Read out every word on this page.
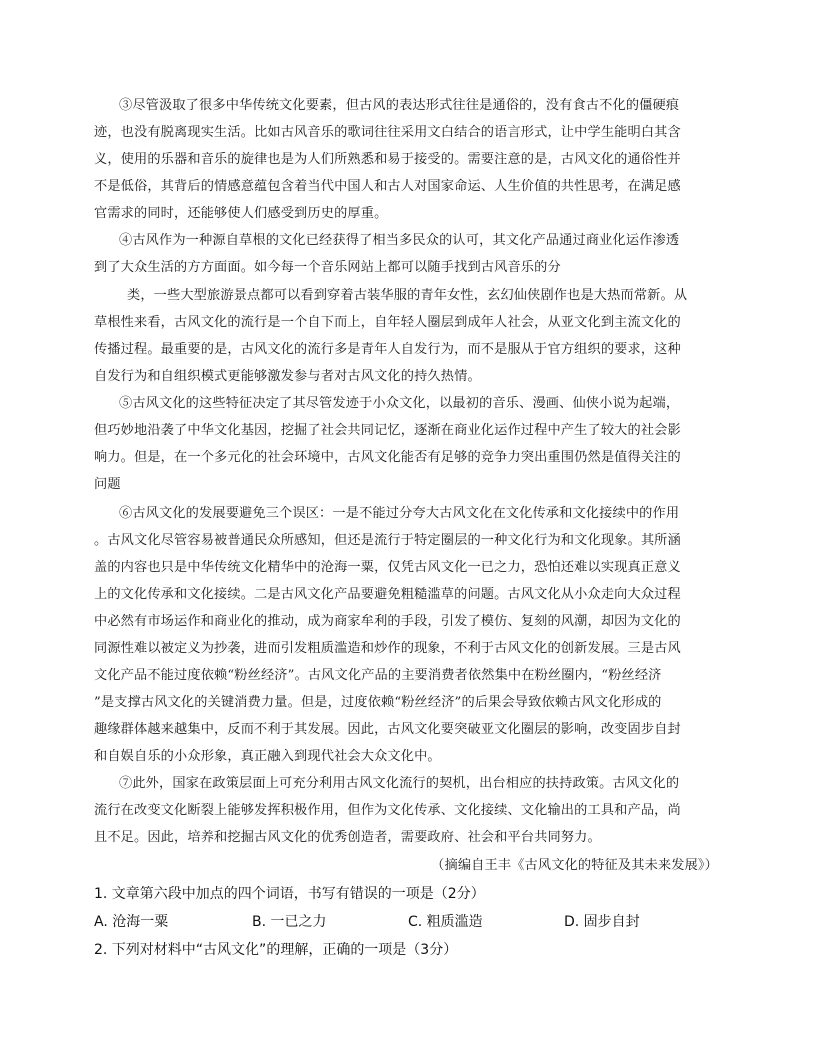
③尽管汲取了很多中华传统文化要素，但古风的表达形式往往是通俗的，没有食古不化的僵硬痕
迹，也没有脱离现实生活。比如古风音乐的歌词往往采用文白结合的语言形式，让中学生能明白其含
义，使用的乐器和音乐的旋律也是为人们所熟悉和易于接受的。需要注意的是，古风文化的通俗性并
不是低俗，其背后的情感意蕴包含着当代中国人和古人对国家命运、人生价值的共性思考，在满足感
官需求的同时，还能够使人们感受到历史的厚重。
④古风作为一种源自草根的文化已经获得了相当多民众的认可，其文化产品通过商业化运作渗透
到了大众生活的方方面面。如今每一个音乐网站上都可以随手找到古风音乐的分
类，一些大型旅游景点都可以看到穿着古装华服的青年女性，玄幻仙侠剧作也是大热而常新。从
草根性来看，古风文化的流行是一个自下而上，自年轻人圈层到成年人社会，从亚文化到主流文化的
传播过程。最重要的是，古风文化的流行多是青年人自发行为，而不是服从于官方组织的要求，这种
自发行为和自组织模式更能够激发参与者对古风文化的持久热情。
⑤古风文化的这些特征决定了其尽管发迹于小众文化，以最初的音乐、漫画、仙侠小说为起端，
但巧妙地沿袭了中华文化基因，挖掘了社会共同记忆，逐渐在商业化运作过程中产生了较大的社会影
响力。但是，在一个多元化的社会环境中，古风文化能否有足够的竞争力突出重围仍然是值得关注的
问题
⑥古风文化的发展要避免三个误区：一是不能过分夸大古风文化在文化传承和文化接续中的作用
。古风文化尽管容易被普通民众所感知，但还是流行于特定圈层的一种文化行为和文化现象。其所涵
盖的内容也只是中华传统文化精华中的沧海一粟，仅凭古风文化一已之力，恐怕还难以实现真正意义
上的文化传承和文化接续。二是古风文化产品要避免粗糙滥草的问题。古风文化从小众走向大众过程
中必然有市场运作和商业化的推动，成为商家牟利的手段，引发了模仿、复刻的风潮，却因为文化的
同源性难以被定义为抄袭，进而引发粗质滥造和炒作的现象，不利于古风文化的创新发展。三是古风
文化产品不能过度依赖“粉丝经济”。古风文化产品的主要消费者依然集中在粉丝圈内，“粉丝经济
”是支撑古风文化的关键消费力量。但是，过度依赖“粉丝经济”的后果会导致依赖古风文化形成的
趣缘群体越来越集中，反而不利于其发展。因此，古风文化要突破亚文化圈层的影响，改变固步自封
和自娱自乐的小众形象，真正融入到现代社会大众文化中。
⑦此外，国家在政策层面上可充分利用古风文化流行的契机，出台相应的扶持政策。古风文化的
流行在改变文化断裂上能够发挥积极作用，但作为文化传承、文化接续、文化输出的工具和产品，尚
且不足。因此，培养和挖掘古风文化的优秀创造者，需要政府、社会和平台共同努力。
（摘编自王丰《古风文化的特征及其未来发展》）
1. 文章第六段中加点的四个词语，书写有错误的一项是（2分）
A. 沧海一粟	B. 一已之力	C. 粗质滥造	D. 固步自封
2. 下列对材料中“古风文化”的理解，正确的一项是（3分）
